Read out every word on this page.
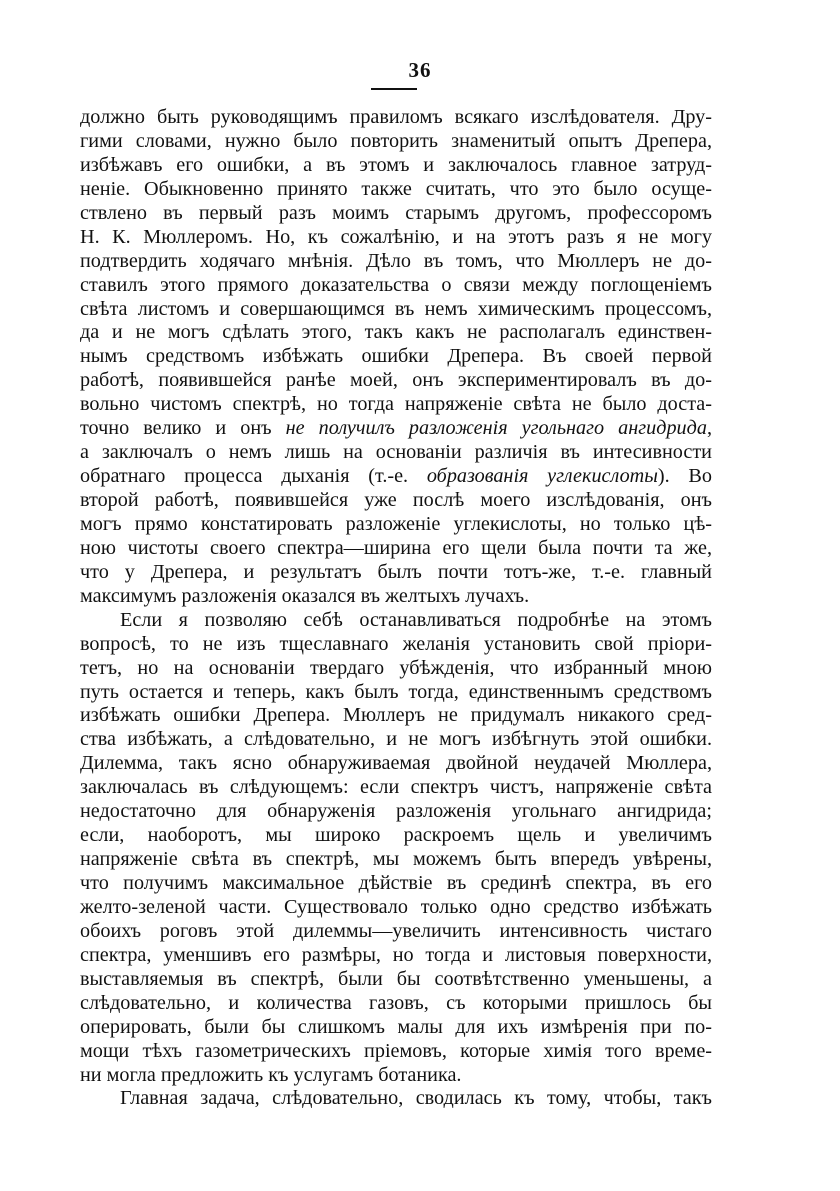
36
должно быть руководящимъ правиломъ всякаго изслѣдователя. Дру-
гими словами, нужно было повторить знаменитый опытъ Дрепера,
избѣжавъ его ошибки, а въ этомъ и заключалось главное затруд-
неніе. Обыкновенно принято также считать, что это было осуще-
ствлено въ первый разъ моимъ старымъ другомъ, профессоромъ
Н. К. Мюллеромъ. Но, къ сожалѣнію, и на этотъ разъ я не могу
подтвердить ходячаго мнѣнія. Дѣло въ томъ, что Мюллеръ не до-
ставилъ этого прямого доказательства о связи между поглощеніемъ
свѣта листомъ и совершающимся въ немъ химическимъ процессомъ,
да и не могъ сдѣлать этого, такъ какъ не располагалъ единствен-
нымъ средствомъ избѣжать ошибки Дрепера. Въ своей первой
работѣ, появившейся ранѣе моей, онъ экспериментировалъ въ до-
вольно чистомъ спектрѣ, но тогда напряженіе свѣта не было доста-
точно велико и онъ не получилъ разложенія угольнаго ангидрида,
а заключалъ о немъ лишь на основаніи различія въ интесивности
обратнаго процесса дыханія (т.-е. образованія углекислоты). Во
второй работѣ, появившейся уже послѣ моего изслѣдованія, онъ
могъ прямо констатировать разложеніе углекислоты, но только цѣ-
ною чистоты своего спектра—ширина его щели была почти та же,
что у Дрепера, и результатъ былъ почти тотъ-же, т.-е. главный
максимумъ разложенія оказался въ желтыхъ лучахъ.
Если я позволяю себѣ останавливаться подробнѣе на этомъ
вопросѣ, то не изъ тщеславнаго желанія установить свой пріори-
тетъ, но на основаніи твердаго убѣжденія, что избранный мною
путь остается и теперь, какъ былъ тогда, единственнымъ средствомъ
избѣжать ошибки Дрепера. Мюллеръ не придумалъ никакого сред-
ства избѣжать, а слѣдовательно, и не могъ избѣгнуть этой ошибки.
Дилемма, такъ ясно обнаруживаемая двойной неудачей Мюллера,
заключалась въ слѣдующемъ: если спектръ чистъ, напряженіе свѣта
недостаточно для обнаруженія разложенія угольнаго ангидрида;
если, наоборотъ, мы широко раскроемъ щель и увеличимъ
напряженіе свѣта въ спектрѣ, мы можемъ быть впередъ увѣрены,
что получимъ максимальное дѣйствіе въ срединѣ спектра, въ его
желто-зеленой части. Существовало только одно средство избѣжать
обоихъ роговъ этой дилеммы—увеличить интенсивность чистаго
спектра, уменшивъ его размѣры, но тогда и листовыя поверхности,
выставляемыя въ спектрѣ, были бы соотвѣтственно уменьшены, а
слѣдовательно, и количества газовъ, съ которыми пришлось бы
оперировать, были бы слишкомъ малы для ихъ измѣренія при по-
мощи тѣхъ газометрическихъ пріемовъ, которые химія того време-
ни могла предложить къ услугамъ ботаника.
Главная задача, слѣдовательно, сводилась къ тому, чтобы, такъ
